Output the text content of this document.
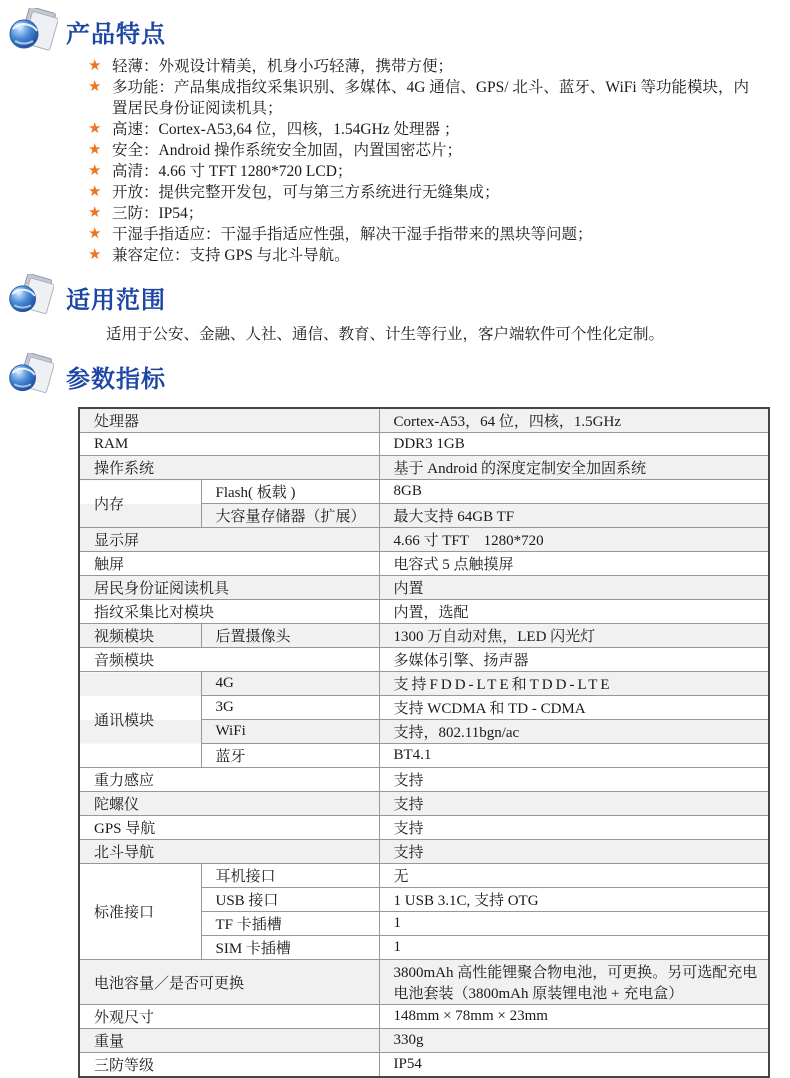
产品特点
★ 轻薄：外观设计精美，机身小巧轻薄，携带方便；
★ 多功能：产品集成指纹采集识别、多媒体、4G 通信、GPS/ 北斗、蓝牙、WiFi 等功能模块，内置居民身份证阅读机具；
★ 高速：Cortex-A53,64 位，四核，1.54GHz 处理器 ；
★ 安全：Android 操作系统安全加固，内置国密芯片；
★ 高清：4.66 寸 TFT 1280*720 LCD；
★ 开放：提供完整开发包，可与第三方系统进行无缝集成；
★ 三防：IP54；
★ 干湿手指适应：干湿手指适应性强，解决干湿手指带来的黑块等问题；
★ 兼容定位：支持 GPS 与北斗导航。
适用范围
适用于公安、金融、人社、通信、教育、计生等行业，客户端软件可个性化定制。
参数指标
处理器		Cortex-A53，64 位，四核，1.5GHz
RAM		DDR3 1GB
操作系统		基于 Android 的深度定制安全加固系统
内存	Flash( 板载 )	8GB
	大容量存储器（扩展）	最大支持 64GB TF
显示屏		4.66 寸 TFT　1280*720
触屏		电容式 5 点触摸屏
居民身份证阅读机具		内置
指纹采集比对模块		内置，选配
视频模块	后置摄像头	1300 万自动对焦，LED 闪光灯
音频模块		多媒体引擎、扬声器
通讯模块	4G	支持FDD-LTE和TDD-LTE
	3G	支持 WCDMA 和 TD - CDMA
	WiFi	支持，802.11bgn/ac
	蓝牙	BT4.1
重力感应		支持
陀螺仪		支持
GPS 导航		支持
北斗导航		支持
标准接口	耳机接口	无
	USB 接口	1 USB 3.1C, 支持 OTG
	TF 卡插槽	1
	SIM 卡插槽	1
电池容量／是否可更换		3800mAh 高性能锂聚合物电池，可更换。另可选配充电电池套装（3800mAh 原装锂电池 + 充电盒）
外观尺寸		148mm × 78mm × 23mm
重量		330g
三防等级		IP54
